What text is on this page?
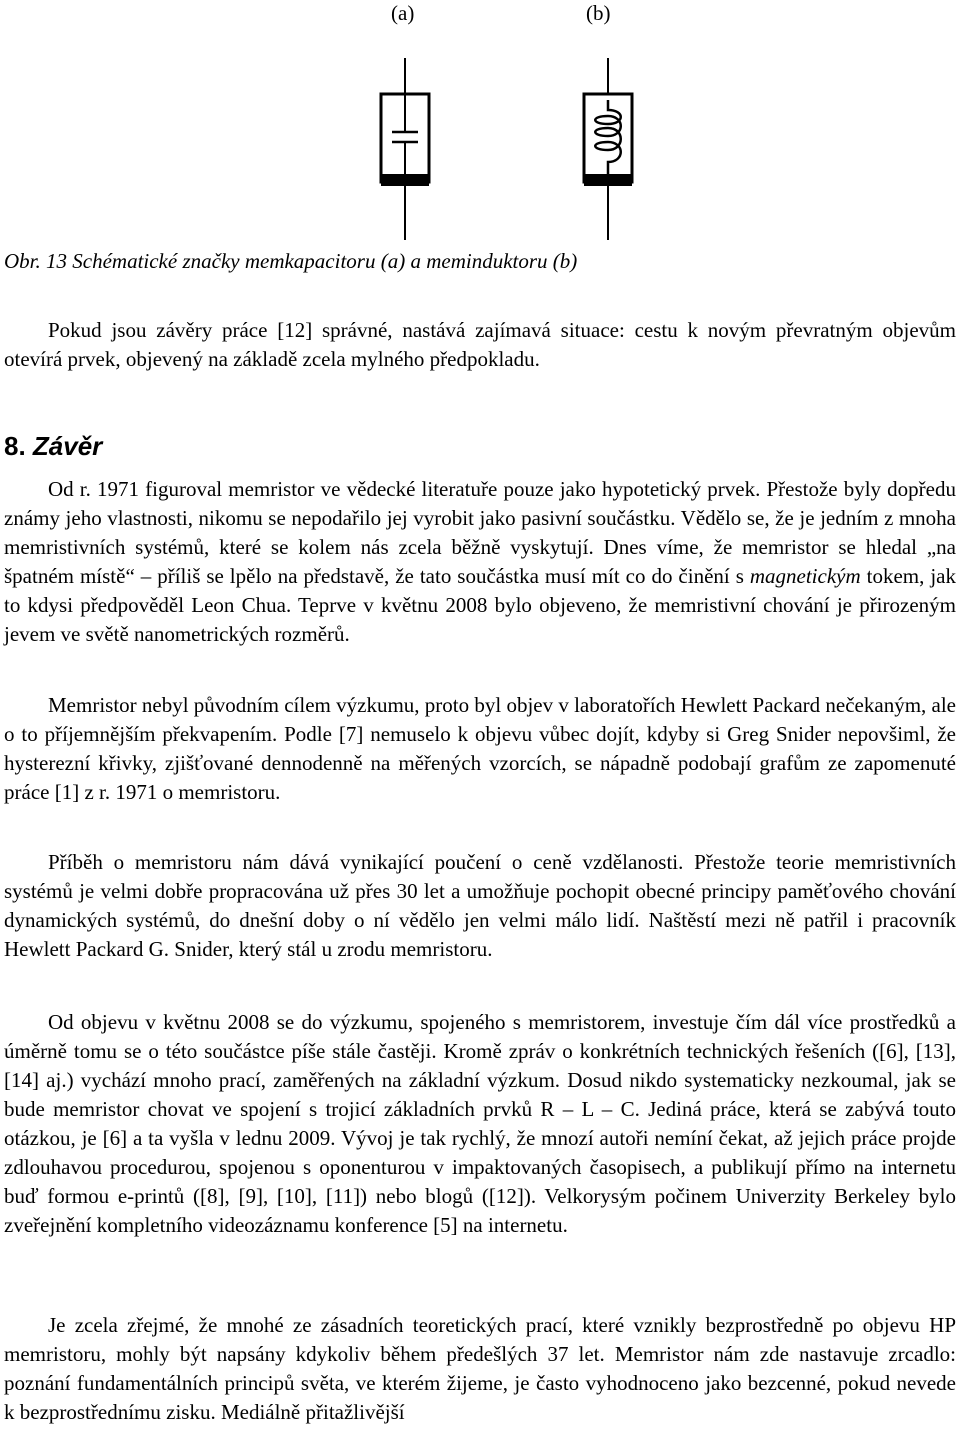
(a)	(b)
Obr. 13 Schématické značky memkapacitoru (a) a meminduktoru (b)

Pokud jsou závěry práce [12] správné, nastává zajímavá situace: cestu k novým převratným objevům otevírá prvek, objevený na základě zcela mylného předpokladu.

8. Závěr

Od r. 1971 figuroval memristor ve vědecké literatuře pouze jako hypotetický prvek. Přestože byly dopředu známy jeho vlastnosti, nikomu se nepodařilo jej vyrobit jako pasivní součástku. Vědělo se, že je jedním z mnoha memristivních systémů, které se kolem nás zcela běžně vyskytují. Dnes víme, že memristor se hledal „na špatném místě“ – příliš se lpělo na představě, že tato součástka musí mít co do činění s magnetickým tokem, jak to kdysi předpověděl Leon Chua. Teprve v květnu 2008 bylo objeveno, že memristivní chování je přirozeným jevem ve světě nanometrických rozměrů.

Memristor nebyl původním cílem výzkumu, proto byl objev v laboratořích Hewlett Packard nečekaným, ale o to příjemnějším překvapením. Podle [7] nemuselo k objevu vůbec dojít, kdyby si Greg Snider nepovšiml, že hysterezní křivky, zjišťované dennodenně na měřených vzorcích, se nápadně podobají grafům ze zapomenuté práce [1] z r. 1971 o memristoru.

Příběh o memristoru nám dává vynikající poučení o ceně vzdělanosti. Přestože teorie memristivních systémů je velmi dobře propracována už přes 30 let a umožňuje pochopit obecné principy paměťového chování dynamických systémů, do dnešní doby o ní vědělo jen velmi málo lidí. Naštěstí mezi ně patřil i pracovník Hewlett Packard G. Snider, který stál u zrodu memristoru.

Od objevu v květnu 2008 se do výzkumu, spojeného s memristorem, investuje čím dál více prostředků a úměrně tomu se o této součástce píše stále častěji. Kromě zpráv o konkrétních technických řešeních ([6], [13], [14] aj.) vychází mnoho prací, zaměřených na základní výzkum. Dosud nikdo systematicky nezkoumal, jak se bude memristor chovat ve spojení s trojicí základních prvků R – L – C. Jediná práce, která se zabývá touto otázkou, je [6] a ta vyšla v lednu 2009. Vývoj je tak rychlý, že mnozí autoři nemíní čekat, až jejich práce projde zdlouhavou procedurou, spojenou s oponenturou v impaktovaných časopisech, a publikují přímo na internetu buď formou e-printů ([8], [9], [10], [11]) nebo blogů ([12]). Velkorysým počinem Univerzity Berkeley bylo zveřejnění kompletního videozáznamu konference [5] na internetu.

Je zcela zřejmé, že mnohé ze zásadních teoretických prací, které vznikly bezprostředně po objevu HP memristoru, mohly být napsány kdykoliv během předešlých 37 let. Memristor nám zde nastavuje zrcadlo: poznání fundamentálních principů světa, ve kterém žijeme, je často vyhodnoceno jako bezcenné, pokud nevede k bezprostřednímu zisku. Mediálně přitažlivější
